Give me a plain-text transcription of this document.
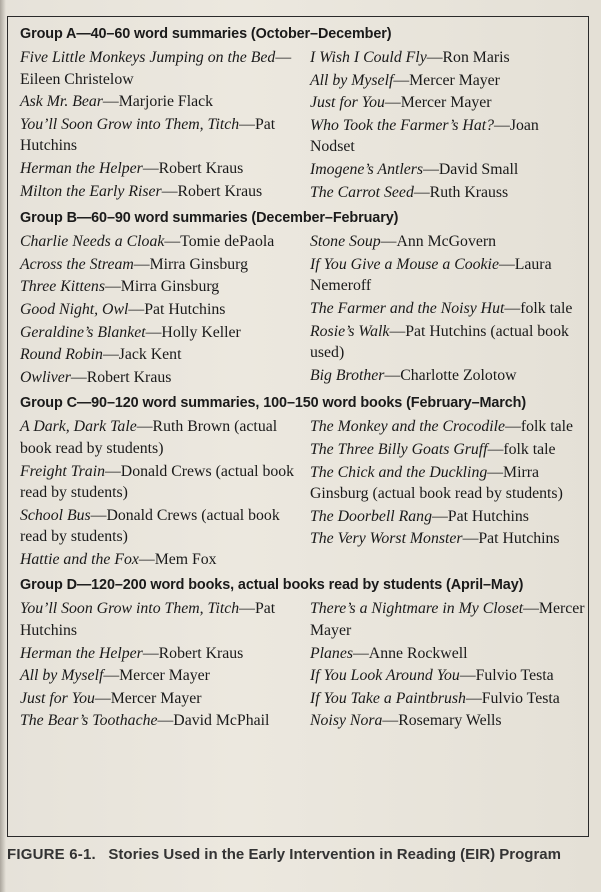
Group A—40–60 word summaries (October–December)
Five Little Monkeys Jumping on the Bed—Eileen Christelow
Ask Mr. Bear—Marjorie Flack
You’ll Soon Grow into Them, Titch—Pat Hutchins
Herman the Helper—Robert Kraus
Milton the Early Riser—Robert Kraus
I Wish I Could Fly—Ron Maris
All by Myself—Mercer Mayer
Just for You—Mercer Mayer
Who Took the Farmer’s Hat?—Joan Nodset
Imogene’s Antlers—David Small
The Carrot Seed—Ruth Krauss
Group B—60–90 word summaries (December–February)
Charlie Needs a Cloak—Tomie dePaola
Across the Stream—Mirra Ginsburg
Three Kittens—Mirra Ginsburg
Good Night, Owl—Pat Hutchins
Geraldine’s Blanket—Holly Keller
Round Robin—Jack Kent
Owliver—Robert Kraus
Stone Soup—Ann McGovern
If You Give a Mouse a Cookie—Laura Nemeroff
The Farmer and the Noisy Hut—folk tale
Rosie’s Walk—Pat Hutchins (actual book used)
Big Brother—Charlotte Zolotow
Group C—90–120 word summaries, 100–150 word books (February–March)
A Dark, Dark Tale—Ruth Brown (actual book read by students)
Freight Train—Donald Crews (actual book read by students)
School Bus—Donald Crews (actual book read by students)
Hattie and the Fox—Mem Fox
The Monkey and the Crocodile—folk tale
The Three Billy Goats Gruff—folk tale
The Chick and the Duckling—Mirra Ginsburg (actual book read by students)
The Doorbell Rang—Pat Hutchins
The Very Worst Monster—Pat Hutchins
Group D—120–200 word books, actual books read by students (April–May)
You’ll Soon Grow into Them, Titch—Pat Hutchins
Herman the Helper—Robert Kraus
All by Myself—Mercer Mayer
Just for You—Mercer Mayer
The Bear’s Toothache—David McPhail
There’s a Nightmare in My Closet—Mercer Mayer
Planes—Anne Rockwell
If You Look Around You—Fulvio Testa
If You Take a Paintbrush—Fulvio Testa
Noisy Nora—Rosemary Wells
FIGURE 6-1. Stories Used in the Early Intervention in Reading (EIR) Program
